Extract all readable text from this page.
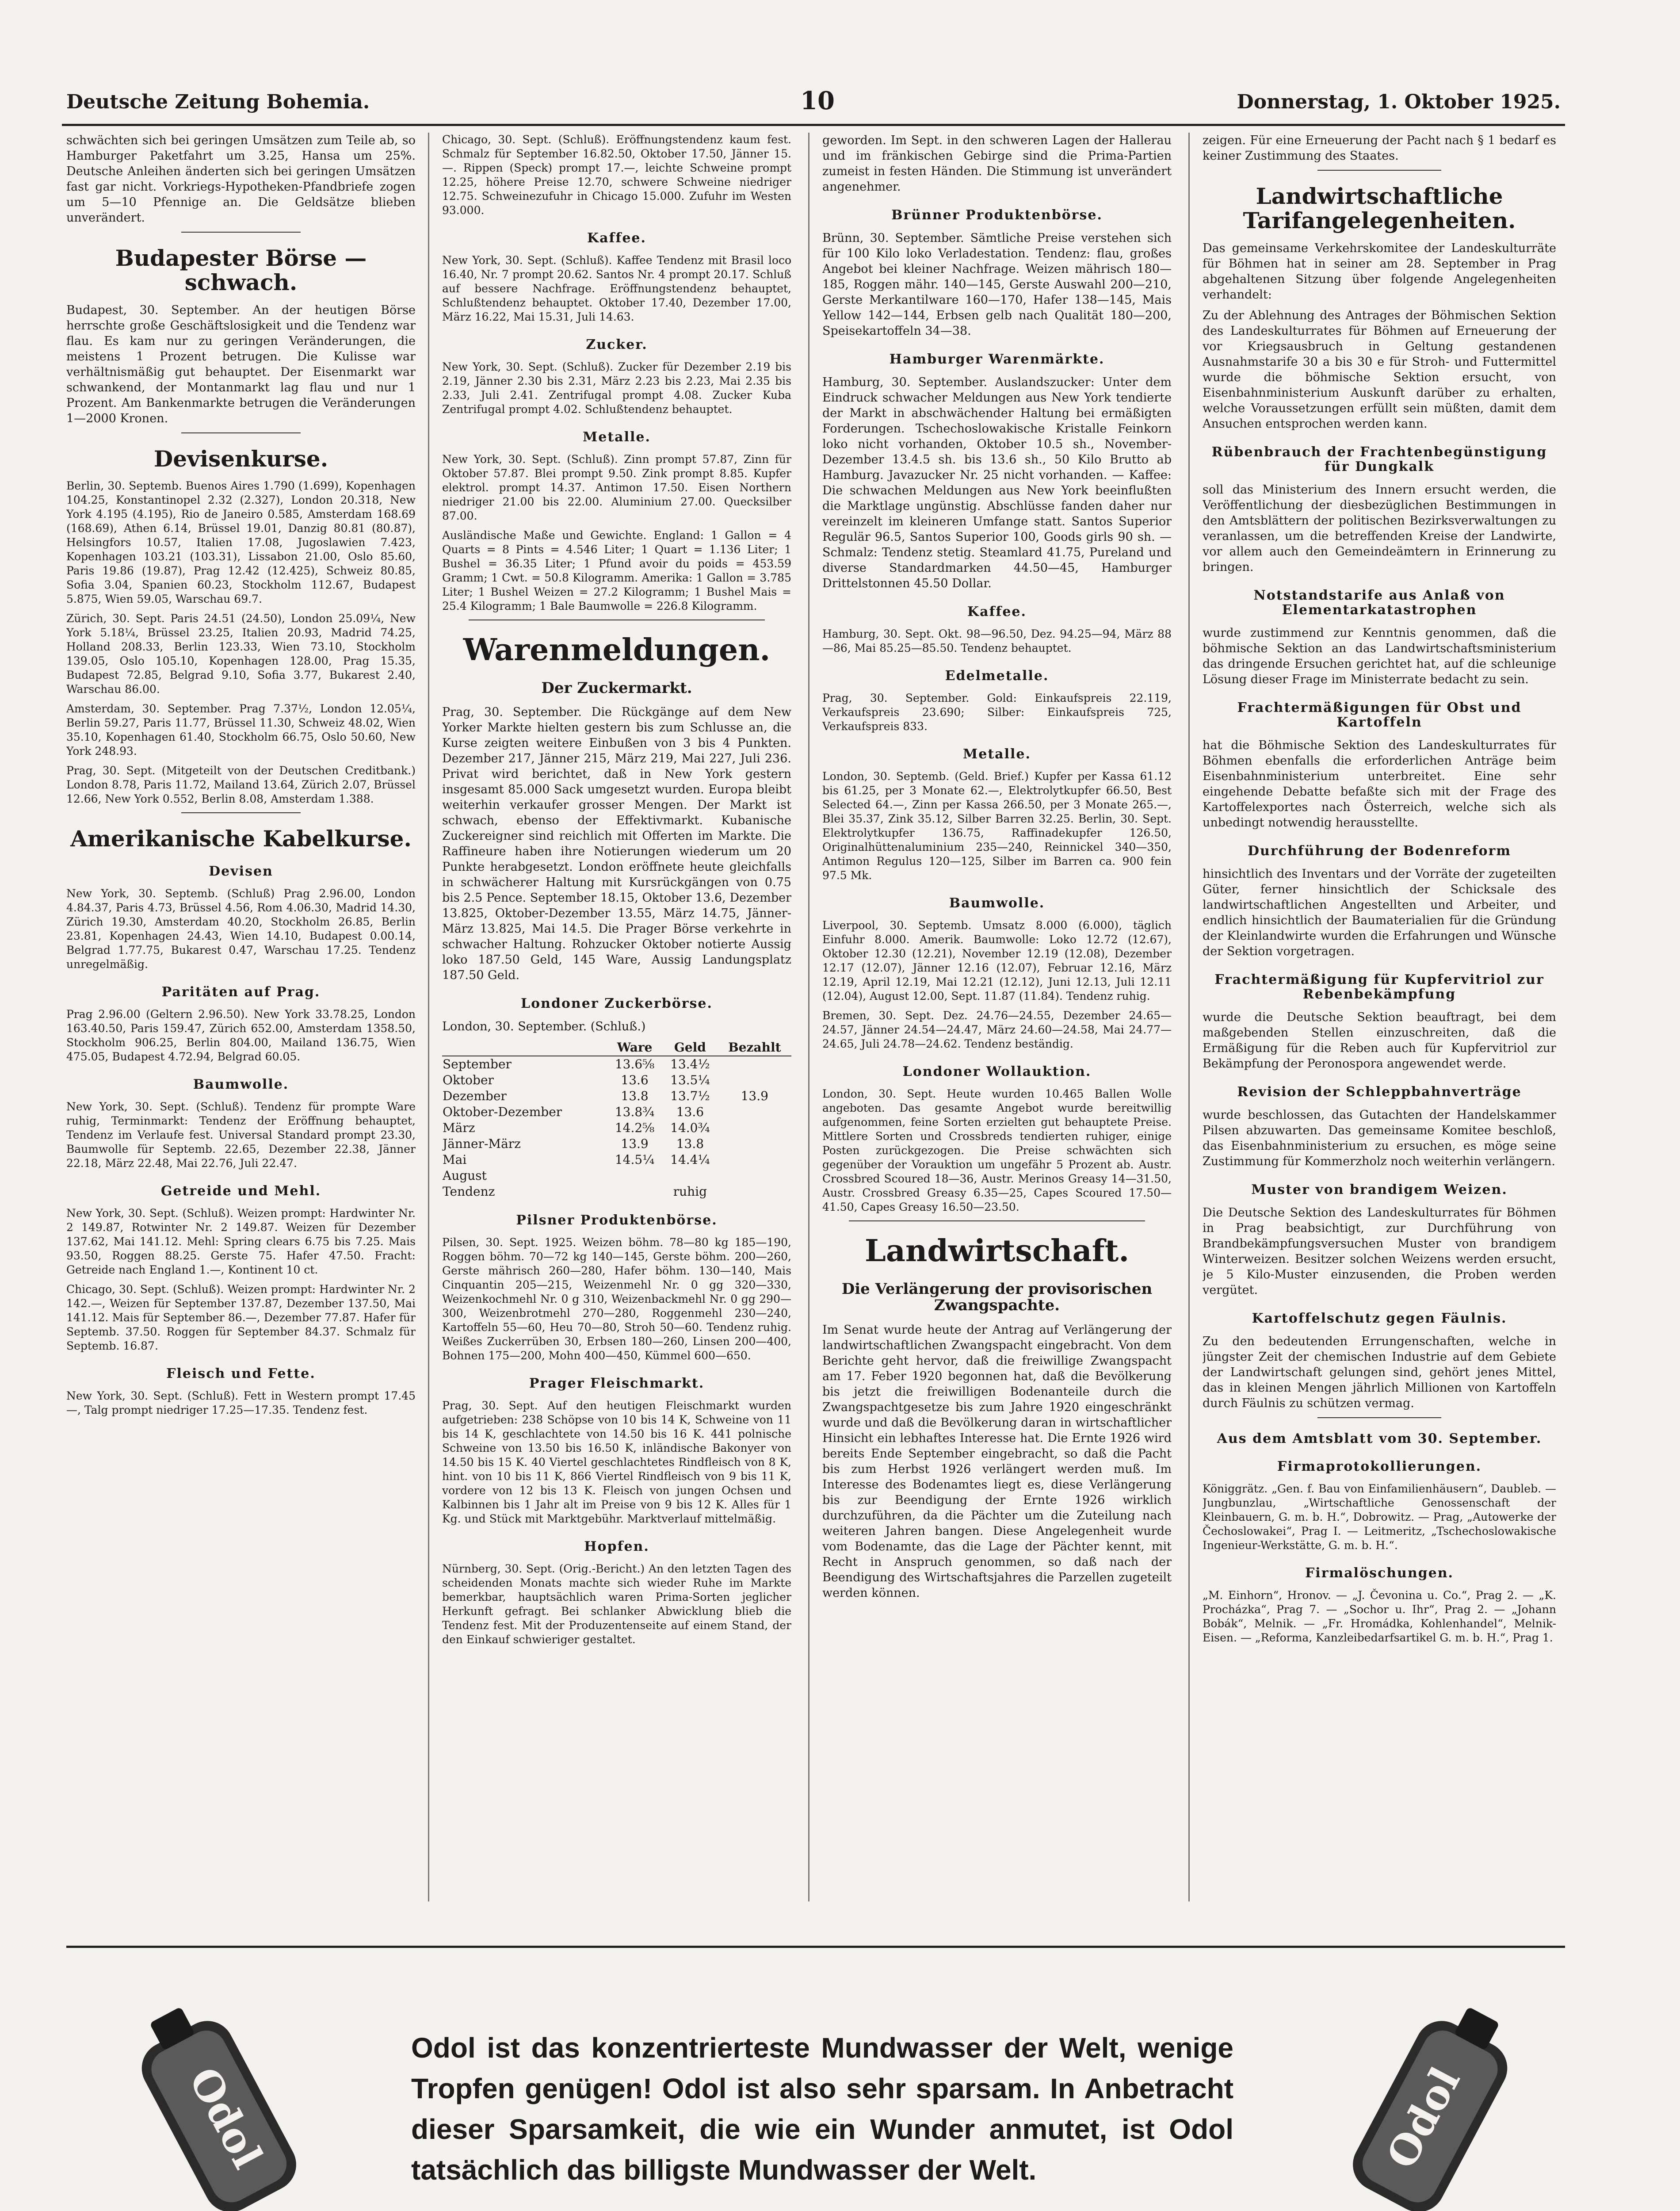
Deutsche Zeitung Bohemia.	10	Donnerstag, 1. Oktober 1925.

schwächten sich bei geringen Umsätzen zum Teile ab, so Hamburger Paketfahrt um 3.25, Hansa um 25%. Deutsche Anleihen änderten sich bei geringen Umsätzen fast gar nicht. Vorkriegs-Hypotheken-Pfandbriefe zogen um 5—10 Pfennige an. Die Geldsätze blieben unverändert.

Budapester Börse — schwach.

Budapest, 30. September. An der heutigen Börse herrschte große Geschäftslosigkeit und die Tendenz war flau. Es kam nur zu geringen Veränderungen, die meistens 1 Prozent betrugen. Die Kulisse war verhältnismäßig gut behauptet. Der Eisenmarkt war schwankend, der Montanmarkt lag flau und nur 1 Prozent. Am Bankenmarkte betrugen die Veränderungen 1—2000 Kronen.

Devisenkurse.

Berlin, 30. Septemb. Buenos Aires 1.790 (1.699), Kopenhagen 104.25, Konstantinopel 2.32 (2.327), London 20.318, New York 4.195 (4.195), Rio de Janeiro 0.585, Amsterdam 168.69 (168.69), Athen 6.14, Brüssel 19.01, Danzig 80.81 (80.87), Helsingfors 10.57, Italien 17.08, Jugoslawien 7.423, Kopenhagen 103.21 (103.31), Lissabon 21.00, Oslo 85.60, Paris 19.86 (19.87), Prag 12.42 (12.425), Schweiz 80.85, Sofia 3.04, Spanien 60.23, Stockholm 112.67, Budapest 5.875, Wien 59.05, Warschau 69.7.

Zürich, 30. Sept. Paris 24.51 (24.50), London 25.09¼, New York 5.18¼, Brüssel 23.25, Italien 20.93, Madrid 74.25, Holland 208.33, Berlin 123.33, Wien 73.10, Stockholm 139.05, Oslo 105.10, Kopenhagen 128.00, Prag 15.35, Budapest 72.85, Belgrad 9.10, Sofia 3.77, Bukarest 2.40, Warschau 86.00.

Amsterdam, 30. September. Prag 7.37½, London 12.05¼, Berlin 59.27, Paris 11.77, Brüssel 11.30, Schweiz 48.02, Wien 35.10, Kopenhagen 61.40, Stockholm 66.75, Oslo 50.60, New York 248.93.

Prag, 30. Sept. (Mitgeteilt von der Deutschen Creditbank.) London 8.78, Paris 11.72, Mailand 13.64, Zürich 2.07, Brüssel 12.66, New York 0.552, Berlin 8.08, Amsterdam 1.388.

Amerikanische Kabelkurse.
Devisen

New York, 30. Septemb. (Schluß) Prag 2.96.00, London 4.84.37, Paris 4.73, Brüssel 4.56, Rom 4.06.30, Madrid 14.30, Zürich 19.30, Amsterdam 40.20, Stockholm 26.85, Berlin 23.81, Kopenhagen 24.43, Wien 14.10, Budapest 0.00.14, Belgrad 1.77.75, Bukarest 0.47, Warschau 17.25. Tendenz unregelmäßig.

Paritäten auf Prag.

Prag 2.96.00 (Geltern 2.96.50). New York 33.78.25, London 163.40.50, Paris 159.47, Zürich 652.00, Amsterdam 1358.50, Stockholm 906.25, Berlin 804.00, Mailand 136.75, Wien 475.05, Budapest 4.72.94, Belgrad 60.05.

Baumwolle.

New York, 30. Sept. (Schluß). Tendenz für prompte Ware ruhig, Terminmarkt: Tendenz der Eröffnung behauptet, Tendenz im Verlaufe fest. Universal Standard prompt 23.30, Baumwolle für Septemb. 22.65, Dezember 22.38, Jänner 22.18, März 22.48, Mai 22.76, Juli 22.47.

Getreide und Mehl.

New York, 30. Sept. (Schluß). Weizen prompt: Hardwinter Nr. 2 149.87, Rotwinter Nr. 2 149.87. Weizen für Dezember 137.62, Mai 141.12. Mehl: Spring clears 6.75 bis 7.25. Mais 93.50, Roggen 88.25. Gerste 75. Hafer 47.50. Fracht: Getreide nach England 1.—, Kontinent 10 ct.

Chicago, 30. Sept. (Schluß). Weizen prompt: Hardwinter Nr. 2 142.—, Weizen für September 137.87, Dezember 137.50, Mai 141.12. Mais für September 86.—, Dezember 77.87. Hafer für Septemb. 37.50. Roggen für September 84.37. Schmalz für Septemb. 16.87.

Fleisch und Fette.

New York, 30. Sept. (Schluß). Fett in Western prompt 17.45—, Talg prompt niedriger 17.25—17.35. Tendenz fest.

Chicago, 30. Sept. (Schluß). Eröffnungstendenz kaum fest. Schmalz für September 16.82.50, Oktober 17.50, Jänner 15.—. Rippen (Speck) prompt 17.—, leichte Schweine prompt 12.25, höhere Preise 12.70, schwere Schweine niedriger 12.75. Schweinezufuhr in Chicago 15.000. Zufuhr im Westen 93.000.

Kaffee.

New York, 30. Sept. (Schluß). Kaffee Tendenz mit Brasil loco 16.40, Nr. 7 prompt 20.62. Santos Nr. 4 prompt 20.17. Schluß auf bessere Nachfrage. Eröffnungstendenz behauptet, Schlußtendenz behauptet. Oktober 17.40, Dezember 17.00, März 16.22, Mai 15.31, Juli 14.63.

Zucker.

New York, 30. Sept. (Schluß). Zucker für Dezember 2.19 bis 2.19, Jänner 2.30 bis 2.31, März 2.23 bis 2.23, Mai 2.35 bis 2.33, Juli 2.41. Zentrifugal prompt 4.08. Zucker Kuba Zentrifugal prompt 4.02. Schlußtendenz behauptet.

Metalle.

New York, 30. Sept. (Schluß). Zinn prompt 57.87, Zinn für Oktober 57.87. Blei prompt 9.50. Zink prompt 8.85. Kupfer elektrol. prompt 14.37. Antimon 17.50. Eisen Northern niedriger 21.00 bis 22.00. Aluminium 27.00. Quecksilber 87.00.

Ausländische Maße und Gewichte. England: 1 Gallon = 4 Quarts = 8 Pints = 4.546 Liter; 1 Quart = 1.136 Liter; 1 Bushel = 36.35 Liter; 1 Pfund avoir du poids = 453.59 Gramm; 1 Cwt. = 50.8 Kilogramm. Amerika: 1 Gallon = 3.785 Liter; 1 Bushel Weizen = 27.2 Kilogramm; 1 Bushel Mais = 25.4 Kilogramm; 1 Bale Baumwolle = 226.8 Kilogramm.

Warenmeldungen.
Der Zuckermarkt.

Prag, 30. September. Die Rückgänge auf dem New Yorker Markte hielten gestern bis zum Schlusse an, die Kurse zeigten weitere Einbußen von 3 bis 4 Punkten. Dezember 217, Jänner 215, März 219, Mai 227, Juli 236. Privat wird berichtet, daß in New York gestern insgesamt 85.000 Sack umgesetzt wurden. Europa bleibt weiterhin verkaufer grosser Mengen. Der Markt ist schwach, ebenso der Effektivmarkt. Kubanische Zuckereigner sind reichlich mit Offerten im Markte. Die Raffineure haben ihre Notierungen wiederum um 20 Punkte herabgesetzt. London eröffnete heute gleichfalls in schwächerer Haltung mit Kursrückgängen von 0.75 bis 2.5 Pence. September 18.15, Oktober 13.6, Dezember 13.825, Oktober-Dezember 13.55, März 14.75, Jänner-März 13.825, Mai 14.5. Die Prager Börse verkehrte in schwacher Haltung. Rohzucker Oktober notierte Aussig loko 187.50 Geld, 145 Ware, Aussig Landungsplatz 187.50 Geld.

Londoner Zuckerbörse.

London, 30. September. (Schluß.)

	Ware	Geld	Bezahlt
September	13.6⅝	13.4½	
Oktober	13.6	13.5¼	
Dezember	13.8	13.7½	13.9
Oktober-Dezember	13.8¾	13.6	
März	14.2⅝	14.0¾	
Jänner-März	13.9	13.8	
Mai	14.5¼	14.4¼	
August			
Tendenz		ruhig	
Pilsner Produktenbörse.

Pilsen, 30. Sept. 1925. Weizen böhm. 78—80 kg 185—190, Roggen böhm. 70—72 kg 140—145, Gerste böhm. 200—260, Gerste mährisch 260—280, Hafer böhm. 130—140, Mais Cinquantin 205—215, Weizenmehl Nr. 0 gg 320—330, Weizenkochmehl Nr. 0 g 310, Weizenbackmehl Nr. 0 gg 290—300, Weizenbrotmehl 270—280, Roggenmehl 230—240, Kartoffeln 55—60, Heu 70—80, Stroh 50—60. Tendenz ruhig. Weißes Zuckerrüben 30, Erbsen 180—260, Linsen 200—400, Bohnen 175—200, Mohn 400—450, Kümmel 600—650.

Prager Fleischmarkt.

Prag, 30. Sept. Auf den heutigen Fleischmarkt wurden aufgetrieben: 238 Schöpse von 10 bis 14 K, Schweine von 11 bis 14 K, geschlachtete von 14.50 bis 16 K. 441 polnische Schweine von 13.50 bis 16.50 K, inländische Bakonyer von 14.50 bis 15 K. 40 Viertel geschlachtetes Rindfleisch von 8 K, hint. von 10 bis 11 K, 866 Viertel Rindfleisch von 9 bis 11 K, vordere von 12 bis 13 K. Fleisch von jungen Ochsen und Kalbinnen bis 1 Jahr alt im Preise von 9 bis 12 K. Alles für 1 Kg. und Stück mit Marktgebühr. Marktverlauf mittelmäßig.

Hopfen.

Nürnberg, 30. Sept. (Orig.-Bericht.) An den letzten Tagen des scheidenden Monats machte sich wieder Ruhe im Markte bemerkbar, hauptsächlich waren Prima-Sorten jeglicher Herkunft gefragt. Bei schlanker Abwicklung blieb die Tendenz fest. Mit der Produzentenseite auf einem Stand, der den Einkauf schwieriger gestaltet.

geworden. Im Sept. in den schweren Lagen der Hallerau und im fränkischen Gebirge sind die Prima-Partien zumeist in festen Händen. Die Stimmung ist unverändert angenehmer.

Brünner Produktenbörse.

Brünn, 30. September. Sämtliche Preise verstehen sich für 100 Kilo loko Verladestation. Tendenz: flau, großes Angebot bei kleiner Nachfrage. Weizen mährisch 180—185, Roggen mähr. 140—145, Gerste Auswahl 200—210, Gerste Merkantilware 160—170, Hafer 138—145, Mais Yellow 142—144, Erbsen gelb nach Qualität 180—200, Speisekartoffeln 34—38.

Hamburger Warenmärkte.

Hamburg, 30. September. Auslandszucker: Unter dem Eindruck schwacher Meldungen aus New York tendierte der Markt in abschwächender Haltung bei ermäßigten Forderungen. Tschechoslowakische Kristalle Feinkorn loko nicht vorhanden, Oktober 10.5 sh., November-Dezember 13.4.5 sh. bis 13.6 sh., 50 Kilo Brutto ab Hamburg. Javazucker Nr. 25 nicht vorhanden. — Kaffee: Die schwachen Meldungen aus New York beeinflußten die Marktlage ungünstig. Abschlüsse fanden daher nur vereinzelt im kleineren Umfange statt. Santos Superior Regulär 96.5, Santos Superior 100, Goods girls 90 sh. — Schmalz: Tendenz stetig. Steamlard 41.75, Pureland und diverse Standardmarken 44.50—45, Hamburger Drittelstonnen 45.50 Dollar.

Kaffee.

Hamburg, 30. Sept. Okt. 98—96.50, Dez. 94.25—94, März 88—86, Mai 85.25—85.50. Tendenz behauptet.

Edelmetalle.

Prag, 30. September. Gold: Einkaufspreis 22.119, Verkaufspreis 23.690; Silber: Einkaufspreis 725, Verkaufspreis 833.

Metalle.

London, 30. Septemb. (Geld. Brief.) Kupfer per Kassa 61.12 bis 61.25, per 3 Monate 62.—, Elektrolytkupfer 66.50, Best Selected 64.—, Zinn per Kassa 266.50, per 3 Monate 265.—, Blei 35.37, Zink 35.12, Silber Barren 32.25. Berlin, 30. Sept. Elektrolytkupfer 136.75, Raffinadekupfer 126.50, Originalhüttenaluminium 235—240, Reinnickel 340—350, Antimon Regulus 120—125, Silber im Barren ca. 900 fein 97.5 Mk.

Baumwolle.

Liverpool, 30. Septemb. Umsatz 8.000 (6.000), täglich Einfuhr 8.000. Amerik. Baumwolle: Loko 12.72 (12.67), Oktober 12.30 (12.21), November 12.19 (12.08), Dezember 12.17 (12.07), Jänner 12.16 (12.07), Februar 12.16, März 12.19, April 12.19, Mai 12.21 (12.12), Juni 12.13, Juli 12.11 (12.04), August 12.00, Sept. 11.87 (11.84). Tendenz ruhig.

Bremen, 30. Sept. Dez. 24.76—24.55, Dezember 24.65—24.57, Jänner 24.54—24.47, März 24.60—24.58, Mai 24.77—24.65, Juli 24.78—24.62. Tendenz beständig.

Londoner Wollauktion.

London, 30. Sept. Heute wurden 10.465 Ballen Wolle angeboten. Das gesamte Angebot wurde bereitwillig aufgenommen, feine Sorten erzielten gut behauptete Preise. Mittlere Sorten und Crossbreds tendierten ruhiger, einige Posten zurückgezogen. Die Preise schwächten sich gegenüber der Vorauktion um ungefähr 5 Prozent ab. Austr. Crossbred Scoured 18—36, Austr. Merinos Greasy 14—31.50, Austr. Crossbred Greasy 6.35—25, Capes Scoured 17.50—41.50, Capes Greasy 16.50—23.50.

Landwirtschaft.
Die Verlängerung der provisorischen Zwangspachte.

Im Senat wurde heute der Antrag auf Verlängerung der landwirtschaftlichen Zwangspacht eingebracht. Von dem Berichte geht hervor, daß die freiwillige Zwangspacht am 17. Feber 1920 begonnen hat, daß die Bevölkerung bis jetzt die freiwilligen Bodenanteile durch die Zwangspachtgesetze bis zum Jahre 1920 eingeschränkt wurde und daß die Bevölkerung daran in wirtschaftlicher Hinsicht ein lebhaftes Interesse hat. Die Ernte 1926 wird bereits Ende September eingebracht, so daß die Pacht bis zum Herbst 1926 verlängert werden muß. Im Interesse des Bodenamtes liegt es, diese Verlängerung bis zur Beendigung der Ernte 1926 wirklich durchzuführen, da die Pächter um die Zuteilung nach weiteren Jahren bangen. Diese Angelegenheit wurde vom Bodenamte, das die Lage der Pächter kennt, mit Recht in Anspruch genommen, so daß nach der Beendigung des Wirtschaftsjahres die Parzellen zugeteilt werden können.

zeigen. Für eine Erneuerung der Pacht nach § 1 bedarf es keiner Zustimmung des Staates.

Landwirtschaftliche Tarifangelegenheiten.

Das gemeinsame Verkehrskomitee der Landeskulturräte für Böhmen hat in seiner am 28. September in Prag abgehaltenen Sitzung über folgende Angelegenheiten verhandelt:

Zu der Ablehnung des Antrages der Böhmischen Sektion des Landeskulturrates für Böhmen auf Erneuerung der vor Kriegsausbruch in Geltung gestandenen Ausnahmstarife 30 a bis 30 e für Stroh- und Futtermittel wurde die böhmische Sektion ersucht, von Eisenbahnministerium Auskunft darüber zu erhalten, welche Voraussetzungen erfüllt sein müßten, damit dem Ansuchen entsprochen werden kann.

Rübenbrauch der Frachtenbegünstigung für Dungkalk

soll das Ministerium des Innern ersucht werden, die Veröffentlichung der diesbezüglichen Bestimmungen in den Amtsblättern der politischen Bezirksverwaltungen zu veranlassen, um die betreffenden Kreise der Landwirte, vor allem auch den Gemeindeämtern in Erinnerung zu bringen.

Notstandstarife aus Anlaß von Elementarkatastrophen

wurde zustimmend zur Kenntnis genommen, daß die böhmische Sektion an das Landwirtschaftsministerium das dringende Ersuchen gerichtet hat, auf die schleunige Lösung dieser Frage im Ministerrate bedacht zu sein.

Frachtermäßigungen für Obst und Kartoffeln

hat die Böhmische Sektion des Landeskulturrates für Böhmen ebenfalls die erforderlichen Anträge beim Eisenbahnministerium unterbreitet. Eine sehr eingehende Debatte befaßte sich mit der Frage des Kartoffelexportes nach Österreich, welche sich als unbedingt notwendig herausstellte.

Durchführung der Bodenreform

hinsichtlich des Inventars und der Vorräte der zugeteilten Güter, ferner hinsichtlich der Schicksale des landwirtschaftlichen Angestellten und Arbeiter, und endlich hinsichtlich der Baumaterialien für die Gründung der Kleinlandwirte wurden die Erfahrungen und Wünsche der Sektion vorgetragen.

Frachtermäßigung für Kupfervitriol zur Rebenbekämpfung

wurde die Deutsche Sektion beauftragt, bei dem maßgebenden Stellen einzuschreiten, daß die Ermäßigung für die Reben auch für Kupfervitriol zur Bekämpfung der Peronospora angewendet werde.

Revision der Schleppbahnverträge

wurde beschlossen, das Gutachten der Handelskammer Pilsen abzuwarten. Das gemeinsame Komitee beschloß, das Eisenbahnministerium zu ersuchen, es möge seine Zustimmung für Kommerzholz noch weiterhin verlängern.

Muster von brandigem Weizen.

Die Deutsche Sektion des Landeskulturrates für Böhmen in Prag beabsichtigt, zur Durchführung von Brandbekämpfungsversuchen Muster von brandigem Winterweizen. Besitzer solchen Weizens werden ersucht, je 5 Kilo-Muster einzusenden, die Proben werden vergütet.

Kartoffelschutz gegen Fäulnis.

Zu den bedeutenden Errungenschaften, welche in jüngster Zeit der chemischen Industrie auf dem Gebiete der Landwirtschaft gelungen sind, gehört jenes Mittel, das in kleinen Mengen jährlich Millionen von Kartoffeln durch Fäulnis zu schützen vermag.

Aus dem Amtsblatt vom 30. September.
Firmaprotokollierungen.

Königgrätz. „Gen. f. Bau von Einfamilienhäusern“, Daubleb. — Jungbunzlau, „Wirtschaftliche Genossenschaft der Kleinbauern, G. m. b. H.“, Dobrowitz. — Prag, „Autowerke der Čechoslowakei“, Prag I. — Leitmeritz, „Tschechoslowakische Ingenieur-Werkstätte, G. m. b. H.“.

Firmalöschungen.

„M. Einhorn“, Hronov. — „J. Čevonina u. Co.“, Prag 2. — „K. Procházka“, Prag 7. — „Sochor u. Ihr“, Prag 2. — „Johann Bobák“, Melnik. — „Fr. Hromádka, Kohlenhandel“, Melnik-Eisen. — „Reforma, Kanzleibedarfsartikel G. m. b. H.“, Prag 1.

Odol
Odol ist das konzentrierteste Mundwasser der Welt, wenige Tropfen genügen! Odol ist also sehr sparsam. In Anbetracht dieser Sparsamkeit, die wie ein Wunder anmutet, ist Odol tatsächlich das billigste Mundwasser der Welt.	Odol
